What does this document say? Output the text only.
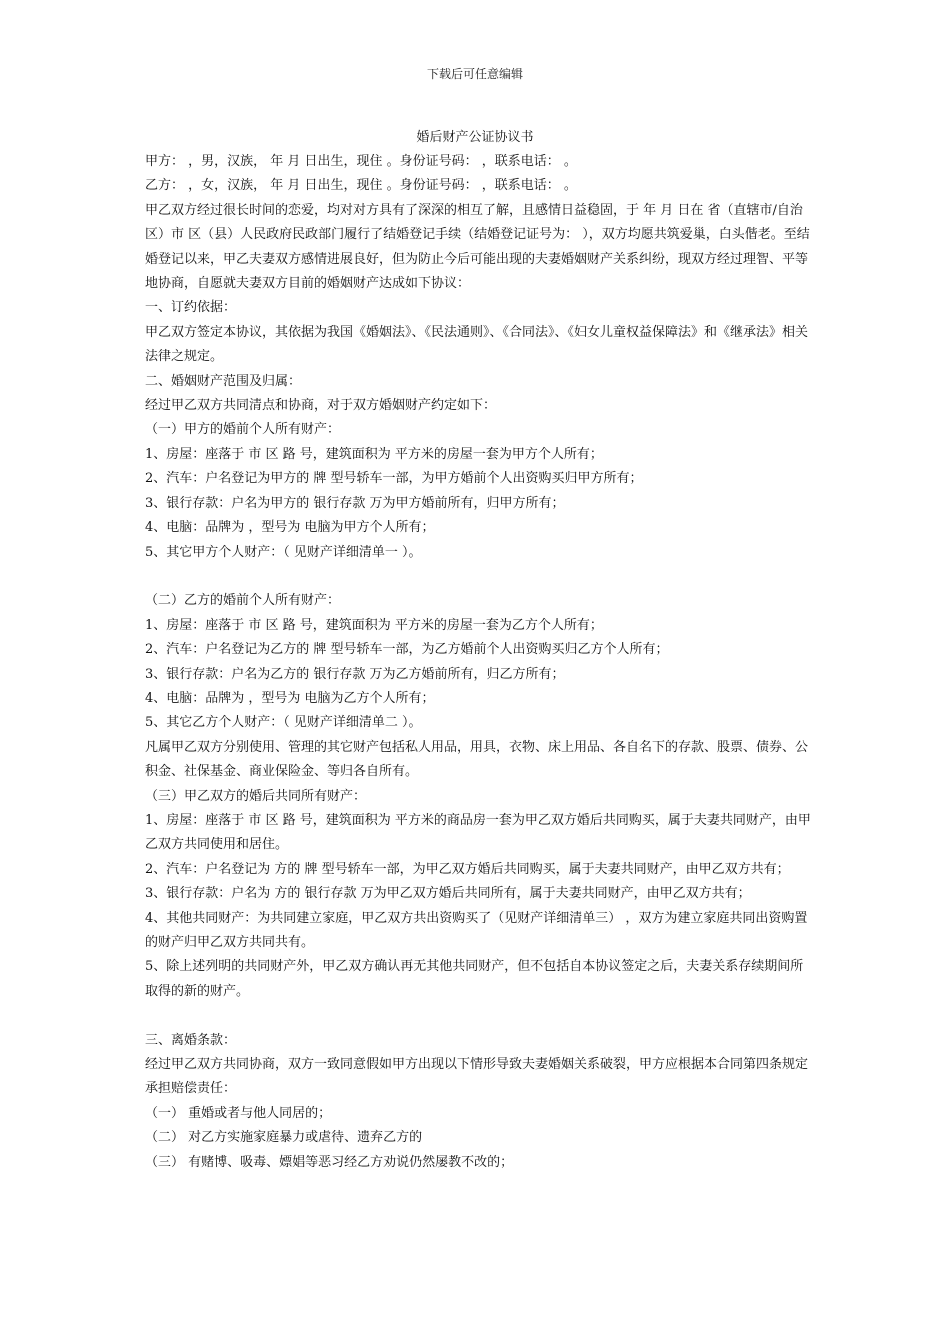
下载后可任意编辑
婚后财产公证协议书

甲方： ，男，汉族， 年 月 日出生，现住 。身份证号码： ，联系电话： 。

乙方： ，女，汉族， 年 月 日出生，现住 。身份证号码： ，联系电话： 。

甲乙双方经过很长时间的恋爱，均对对方具有了深深的相互了解，且感情日益稳固，于 年 月 日在 省（直辖市/自治区）市 区（县）人民政府民政部门履行了结婚登记手续（结婚登记证号为： ），双方均愿共筑爱巢，白头偕老。至结婚登记以来，甲乙夫妻双方感情进展良好，但为防止今后可能出现的夫妻婚姻财产关系纠纷，现双方经过理智、平等地协商，自愿就夫妻双方目前的婚姻财产达成如下协议：

一、订约依据：

甲乙双方签定本协议，其依据为我国《婚姻法》、《民法通则》、《合同法》、《妇女儿童权益保障法》和《继承法》相关法律之规定。

二、婚姻财产范围及归属：

经过甲乙双方共同清点和协商，对于双方婚姻财产约定如下：

（一）甲方的婚前个人所有财产：

1、房屋：座落于 市 区 路 号，建筑面积为 平方米的房屋一套为甲方个人所有；

2、汽车：户名登记为甲方的 牌 型号轿车一部，为甲方婚前个人出资购买归甲方所有；

3、银行存款：户名为甲方的 银行存款 万为甲方婚前所有，归甲方所有；

4、电脑：品牌为 ，型号为 电脑为甲方个人所有；

5、其它甲方个人财产：（ 见财产详细清单一 ）。

（二）乙方的婚前个人所有财产：

1、房屋：座落于 市 区 路 号，建筑面积为 平方米的房屋一套为乙方个人所有；

2、汽车：户名登记为乙方的 牌 型号轿车一部，为乙方婚前个人出资购买归乙方个人所有；

3、银行存款：户名为乙方的 银行存款 万为乙方婚前所有，归乙方所有；

4、电脑：品牌为 ，型号为 电脑为乙方个人所有；

5、其它乙方个人财产：（ 见财产详细清单二 ）。

凡属甲乙双方分别使用、管理的其它财产包括私人用品，用具，衣物、床上用品、各自名下的存款、股票、债券、公积金、社保基金、商业保险金、等归各自所有。

（三）甲乙双方的婚后共同所有财产：

1、房屋：座落于 市 区 路 号，建筑面积为 平方米的商品房一套为甲乙双方婚后共同购买，属于夫妻共同财产，由甲乙双方共同使用和居住。

2、汽车：户名登记为 方的 牌 型号轿车一部，为甲乙双方婚后共同购买，属于夫妻共同财产，由甲乙双方共有；

3、银行存款：户名为 方的 银行存款 万为甲乙双方婚后共同所有，属于夫妻共同财产，由甲乙双方共有；

4、其他共同财产：为共同建立家庭，甲乙双方共出资购买了（见财产详细清单三） ，双方为建立家庭共同出资购置的财产归甲乙双方共同共有。

5、除上述列明的共同财产外，甲乙双方确认再无其他共同财产，但不包括自本协议签定之后，夫妻关系存续期间所取得的新的财产。

三、离婚条款：

经过甲乙双方共同协商，双方一致同意假如甲方出现以下情形导致夫妻婚姻关系破裂，甲方应根据本合同第四条规定承担赔偿责任：

（一） 重婚或者与他人同居的；

（二） 对乙方实施家庭暴力或虐待、遗弃乙方的

（三） 有赌博、吸毒、嫖娼等恶习经乙方劝说仍然屡教不改的；
